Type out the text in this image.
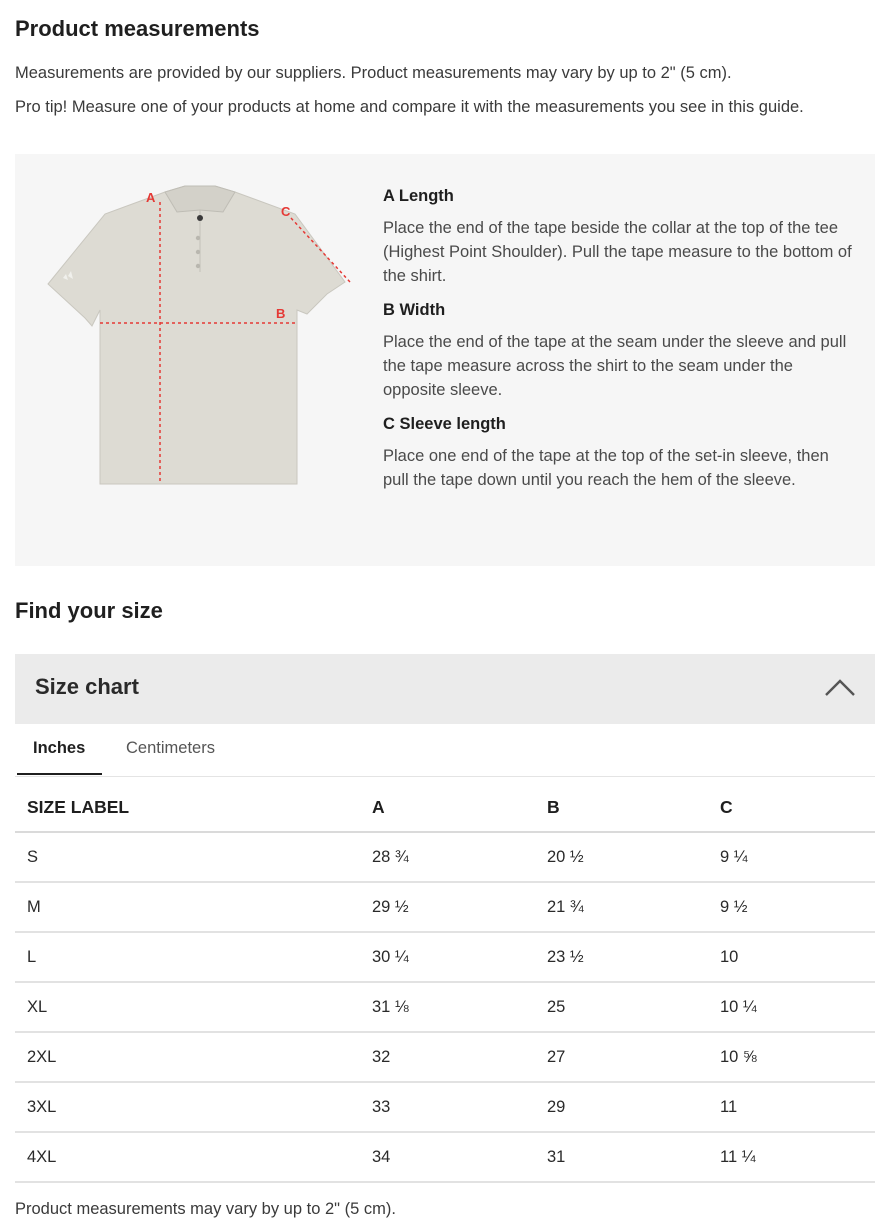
Product measurements

Measurements are provided by our suppliers. Product measurements may vary by up to 2" (5 cm).

Pro tip! Measure one of your products at home and compare it with the measurements you see in this guide.

A
B
C
A Length

Place the end of the tape beside the collar at the top of the tee (Highest Point Shoulder). Pull the tape measure to the bottom of the shirt.

B Width

Place the end of the tape at the seam under the sleeve and pull the tape measure across the shirt to the seam under the opposite sleeve.

C Sleeve length

Place one end of the tape at the top of the set-in sleeve, then pull the tape down until you reach the hem of the sleeve.

Find your size
Size chart
Inches Centimeters
SIZE LABEL	A	B	C
S	28 ¾	20 ½	9 ¼
M	29 ½	21 ¾	9 ½
L	30 ¼	23 ½	10
XL	31 ⅛	25	10 ¼
2XL	32	27	10 ⅝
3XL	33	29	11
4XL	34	31	11 ¼

Product measurements may vary by up to 2" (5 cm).
